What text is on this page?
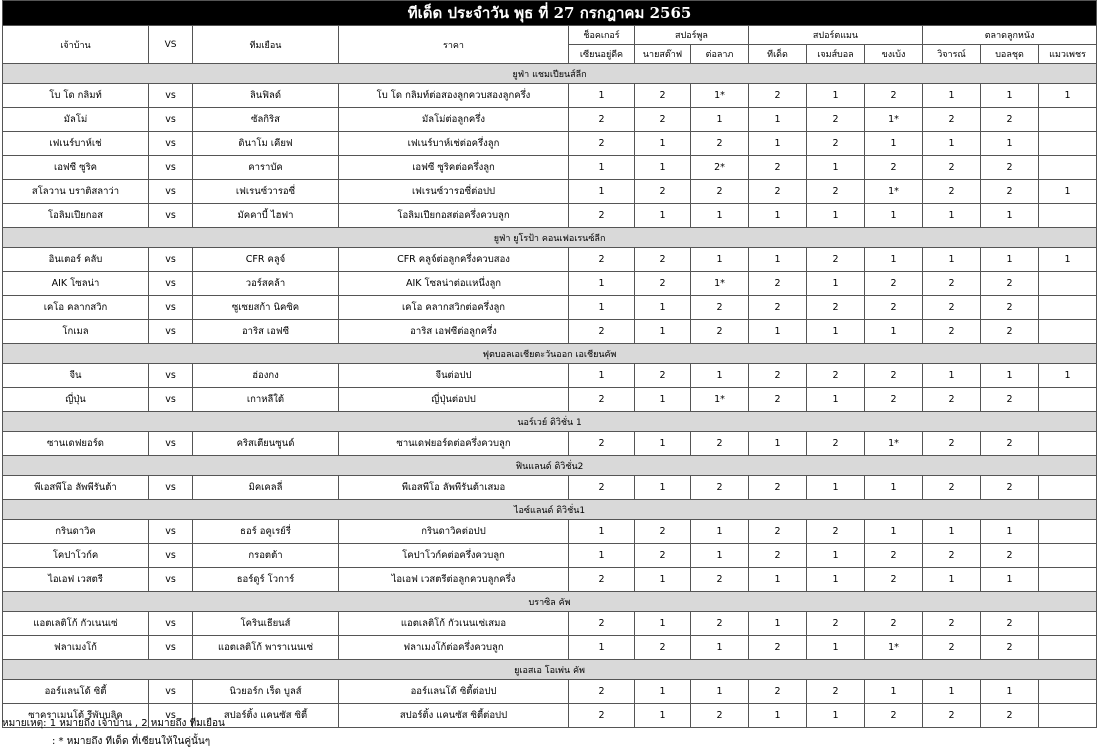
ทีเด็ด ประจำวัน พุธ ที่ 27 กรกฎาคม 2565												
เจ้าบ้าน	VS	ทีมเยือน	ราคา	ช็อคเกอร์	สปอร์พูล		สปอร์ตแมน			ตลาดลูกหนัง		
				เซียนอยู่ดีค	นายสต๊าฟ	ต่อลาภ	ทีเด็ด	เจมส์บอล	ขงเบ้ง	วิจารณ์	บอลชุด	แมวเพชร
ยูฟ่า แชมเปียนส์ลีก												
โบ โด กลิมท์	vs	ลินฟิลด์	โบ โด กลิมท์ต่อสองลูกควบสองลูกครึ่ง	1	2	1*	2	1	2	1	1	1
มัลโม่	vs	ซัลกิริส	มัลโม่ต่อลูกครึ่ง	2	2	1	1	2	1*	2	2	
เฟเนร์บาห์เช่	vs	ดินาโม เคียฟ	เฟเนร์บาห์เช่ต่อครึ่งลูก	2	1	2	1	2	1	1	1	
เอฟซี ซูริค	vs	คาราบัค	เอฟซี ซูริคต่อครึ่งลูก	1	1	2*	2	1	2	2	2	
สโลวาน บราติสลาว่า	vs	เฟเรนซ์วารอซี่	เฟเรนซ์วารอซี่ต่อปป	1	2	2	2	2	1*	2	2	1
โอลิมเปียกอส	vs	มัคคาบี้ ไฮฟา	โอลิมเปียกอสต่อครึ่งควบลูก	2	1	1	1	1	1	1	1	
ยูฟ่า ยูโรป้า คอนเฟอเรนซ์ลีก												
อินเตอร์ คลับ	vs	CFR คลูจ์	CFR คลูจ์ต่อลูกครึ่งควบสอง	2	2	1	1	2	1	1	1	1
AIK โซลน่า	vs	วอร์สคล้า	AIK โซลน่าต่อเเหนึ่งลูก	1	2	1*	2	1	2	2	2	
เคโอ คลากสวิก	vs	ซูเซยสก้า นิคซิค	เคโอ คลากสวิกต่อครึ่งลูก	1	1	2	2	2	2	2	2	
โกเมล	vs	อาริส เอฟซี	อาริส เอฟซีต่อลูกครึ่ง	2	1	2	1	1	1	2	2	
ฟุตบอลเอเชียตะวันออก เอเชียนคัพ												
จีน	vs	ฮ่องกง	จีนต่อปป	1	2	1	2	2	2	1	1	1
ญี่ปุ่น	vs	เกาหลีใต้	ญี่ปุ่นต่อปป	2	1	1*	2	1	2	2	2	
นอร์เวย์ ดิวิชั่น 1												
ซานเดฟยอร์ด	vs	คริสเตียนซูนด์	ซานเดฟยอร์ดต่อครึ่งควบลูก	2	1	2	1	2	1*	2	2	
ฟินแลนด์ ดิวิชั่น2												
พีเอสพีโอ ลัพพีรันต้า	vs	มิคเคลลี่	พีเอสพีโอ ลัพพีรันต้าเสมอ	2	1	2	2	1	1	2	2	
ไอซ์แลนด์ ดิวิชั่น1												
กรินดาวิค	vs	ธอร์ อคูเรย์รี่	กรินดาวิคต่อปป	1	2	1	2	2	1	1	1	
โคปาโวก์ค	vs	กรอตต้า	โคปาโวก์คต่อครึ่งควบลูก	1	2	1	2	1	2	2	2	
ไอเอฟ เวสตรี	vs	ธอร์ดูร์ โวการ์	ไอเอฟ เวสตรีต่อลูกควบลูกครึ่ง	2	1	2	1	1	2	1	1	
บราซิล คัพ												
แอตเลติโก้ กัวเนนเซ่	vs	โครินเธียนส์	แอตเลติโก้ กัวเนนเซ่เสมอ	2	1	2	1	2	2	2	2	
ฟลาเมงโก้	vs	แอตเลติโก้ พาราเนนเซ่	ฟลาเมงโก้ต่อครึ่งควบลูก	1	2	1	2	1	1*	2	2	
ยูเอสเอ โอเพ่น คัพ												
ออร์แลนโด้ ซิตี้	vs	นิวยอร์ก เร็ด บูลส์	ออร์แลนโด้ ซิตี้ต่อปป	2	1	1	2	2	1	1	1	
ซาคราเมนโต้ รีพับบลิค	vs	สปอร์ติ้ง แคนซัส ซิตี้	สปอร์ติ้ง แคนซัส ซิตี้ต่อปป	2	1	2	1	1	2	2	2	
หมายเหตุ: 1 หมายถึง เจ้าบ้าน , 2 หมายถึง ทีมเยือน
: * หมายถึง ทีเด็ด ที่เซียนให้ในคู่นั้นๆ
